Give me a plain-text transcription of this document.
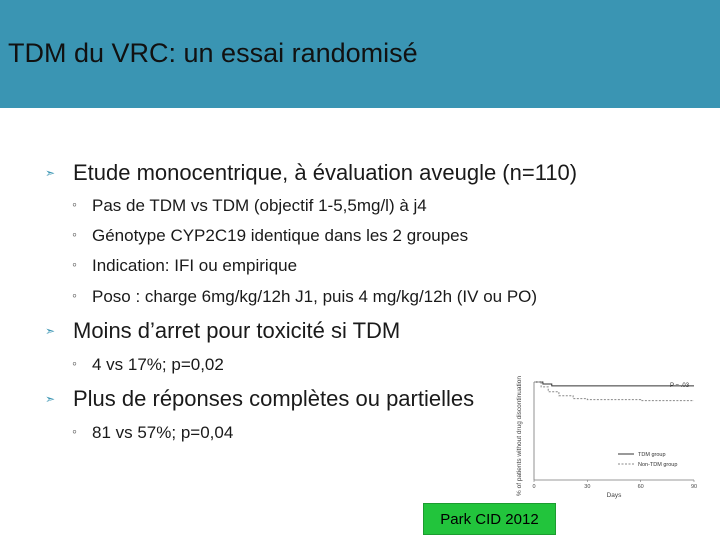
TDM du VRC: un essai randomisé
➣ Etude monocentrique, à évaluation aveugle (n=110)
◦ Pas de TDM vs TDM (objectif 1-5,5mg/l) à j4
◦ Génotype CYP2C19 identique dans les 2 groupes
◦ Indication: IFI ou empirique
◦ Poso : charge 6mg/kg/12h J1, puis 4 mg/kg/12h (IV ou PO)
➣ Moins d’arret pour toxicité si TDM
◦ 4 vs 17%; p=0,02
➣ Plus de réponses complètes ou partielles
◦ 81 vs 57%; p=0,04	% of patients without drug discontinuation	P = .03
0	30	60	90
TDM group
Non-TDM group
Days
Park CID 2012
